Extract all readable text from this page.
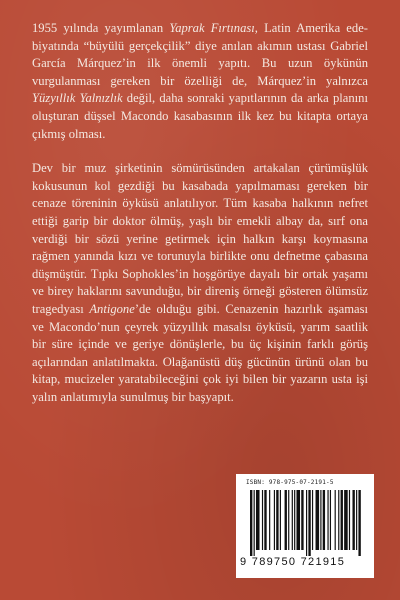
1955 yılında yayımlanan Yaprak Fırtınası, Latin Amerika edebiyatında “büyülü gerçekçilik” diye anılan akımın ustası Gabriel García Márquez’in ilk önemli yapıtı. Bu uzun öykünün vurgulanması gereken bir özelliği de, Márquez’in yalnızca Yüzyıllık Yalnızlık değil, daha sonraki yapıtlarının da arka planını oluşturan düşsel Macondo kasabasının ilk kez bu kitapta ortaya çıkmış olması.

Dev bir muz şirketinin sömürüsünden artakalan çürümüşlük kokusunun kol gezdiği bu kasabada yapılmaması gereken bir cenaze töreninin öyküsü anlatılıyor. Tüm kasaba halkının nefret ettiği garip bir doktor ölmüş, yaşlı bir emekli albay da, sırf ona verdiği bir sözü yerine getirmek için halkın karşı koymasına rağmen yanında kızı ve torunuyla birlikte onu defnetme çabasına düşmüştür. Tıpkı Sophokles’in hoşgörüye dayalı bir ortak yaşamı ve birey haklarını savunduğu, bir direniş örneği gösteren ölümsüz tragedyası Antigone’de olduğu gibi. Cenazenin hazırlık aşaması ve Macondo’nun çeyrek yüzyıllık masalsı öyküsü, yarım saatlik bir süre içinde ve geriye dönüşlerle, bu üç kişinin farklı görüş açılarından anlatılmakta. Olağanüstü düş gücünün ürünü olan bu kitap, mucizeler yaratabileceğini çok iyi bilen bir yazarın usta işi yalın anlatımıyla sunulmuş bir başyapıt.

ISBN: 978-975-07-2191-5
9 789750 721915
